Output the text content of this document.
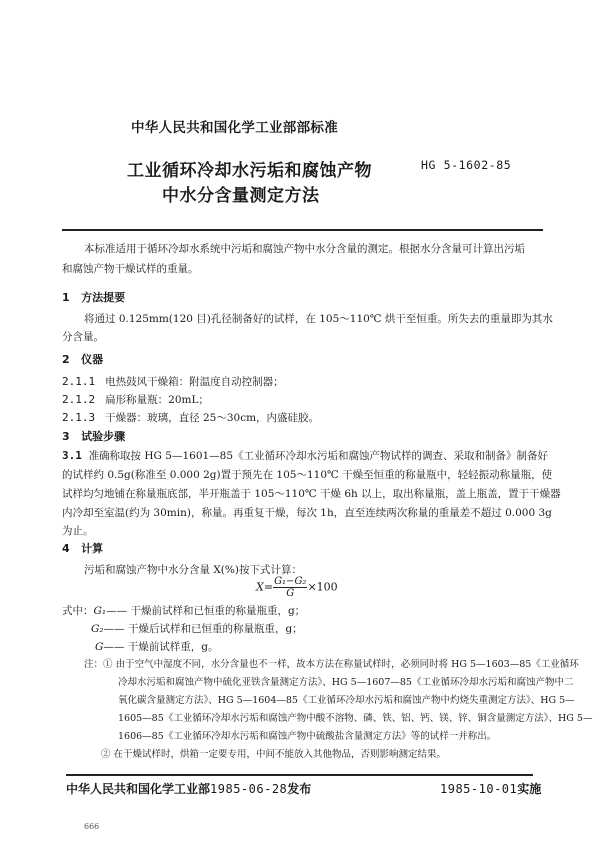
中华人民共和国化学工业部部标准
工业循环冷却水污垢和腐蚀产物
中水分含量测定方法
HG 5-1602-85
本标准适用于循环冷却水系统中污垢和腐蚀产物中水分含量的测定。根据水分含量可计算出污垢
和腐蚀产物干燥试样的重量。
1 方法提要
将通过 0.125mm(120 目)孔径制备好的试样，在 105～110℃ 烘干至恒重。所失去的重量即为其水
分含量。
2 仪器
2.1.1 电热鼓风干燥箱：附温度自动控制器；
2.1.2 扁形称量瓶：20mL；
2.1.3 干燥器：玻璃，直径 25～30cm，内盛硅胶。
3 试验步骤
3.1 准确称取按 HG 5—1601—85《工业循环冷却水污垢和腐蚀产物试样的调查、采取和制备》制备好
的试样约 0.5g(称准至 0.000 2g)置于预先在 105～110℃ 干燥至恒重的称量瓶中，轻轻振动称量瓶，使
试样均匀地铺在称量瓶底部，半开瓶盖于 105～110℃ 干燥 6h 以上，取出称量瓶，盖上瓶盖，置于干燥器
内冷却至室温(约为 30min)，称量。再重复干燥，每次 1h，直至连续两次称量的重量差不超过 0.000 3g
为止。
4 计算
污垢和腐蚀产物中水分含量 X(%)按下式计算：
$X= \frac{\text{G₁−G₂}}{G} \times 100$
式中：G₁—— 干燥前试样和已恒重的称量瓶重，g；
G₂—— 干燥后试样和已恒重的称量瓶重，g；
G—— 干燥前试样重，g。
注：① 由于空气中湿度不同，水分含量也不一样，故本方法在称量试样时，必须同时将 HG 5—1603—85《工业循环
冷却水污垢和腐蚀产物中硫化亚铁含量测定方法》、HG 5—1607—85《工业循环冷却水污垢和腐蚀产物中二
氧化碳含量测定方法》、HG 5—1604—85《工业循环冷却水污垢和腐蚀产物中灼烧失重测定方法》、HG 5—
1605—85《工业循环冷却水污垢和腐蚀产物中酸不溶物、磷、铁、铝、钙、镁、锌、铜含量测定方法》、HG 5—
1606—85《工业循环冷却水污垢和腐蚀产物中硫酸盐含量测定方法》等的试样一并称出。
② 在干燥试样时，烘箱一定要专用，中间不能放入其他物品，否则影响测定结果。
中华人民共和国化学工业部1985-06-28发布	1985-10-01实施
666
